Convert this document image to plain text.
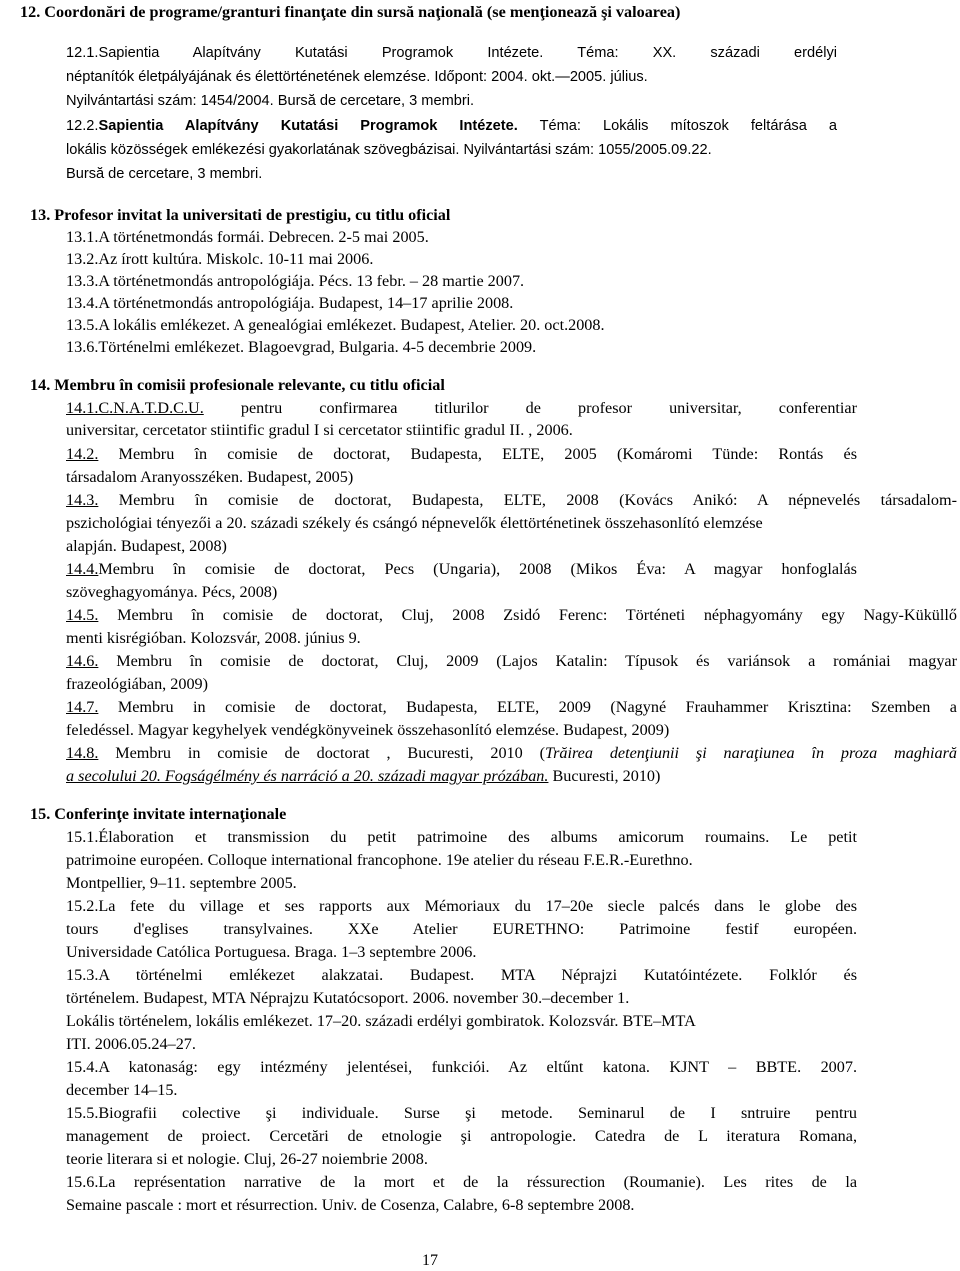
12. Coordonări de programe/granturi finanţate din sursă naţională (se menţionează şi valoarea)
12.1.Sapientia Alapítvány Kutatási Programok Intézete. Téma: XX. századi erdélyi
néptanítók életpályájának és élettörténetének elemzése. Időpont: 2004. okt.—2005. július.
Nyilvántartási szám: 1454/2004. Bursă de cercetare, 3 membri.
12.2.Sapientia Alapítvány Kutatási Programok Intézete. Téma: Lokális mítoszok feltárása a
lokális közösségek emlékezési gyakorlatának szövegbázisai. Nyilvántartási szám: 1055/2005.09.22.
Bursă de cercetare, 3 membri.
13. Profesor invitat la universitati de prestigiu, cu titlu oficial
13.1.A történetmondás formái. Debrecen. 2-5 mai 2005.
13.2.Az írott kultúra. Miskolc. 10-11 mai 2006.
13.3.A történetmondás antropológiája. Pécs. 13 febr. – 28 martie 2007.
13.4.A történetmondás antropológiája. Budapest, 14–17 aprilie 2008.
13.5.A lokális emlékezet. A genealógiai emlékezet. Budapest, Atelier. 20. oct.2008.
13.6.Történelmi emlékezet. Blagoevgrad, Bulgaria. 4-5 decembrie 2009.
14. Membru în comisii profesionale relevante, cu titlu oficial
14.1.C.N.A.T.D.C.U. pentru confirmarea titlurilor de profesor universitar, conferentiar
universitar, cercetator stiintific gradul I si cercetator stiintific gradul II. , 2006.
14.2. Membru în comisie de doctorat, Budapesta, ELTE, 2005 (Komáromi Tünde: Rontás és
társadalom Aranyosszéken. Budapest, 2005)
14.3. Membru în comisie de doctorat, Budapesta, ELTE, 2008 (Kovács Anikó: A népnevelés társadalom-
pszichológiai tényezői a 20. századi székely és csángó népnevelők élettörténetinek összehasonlító elemzése
alapján. Budapest, 2008)
14.4.Membru în comisie de doctorat, Pecs (Ungaria), 2008 (Mikos Éva: A magyar honfoglalás
szöveghagyománya. Pécs, 2008)
14.5. Membru în comisie de doctorat, Cluj, 2008 Zsidó Ferenc: Történeti néphagyomány egy Nagy-Küküllő
menti kisrégióban. Kolozsvár, 2008. június 9.
14.6. Membru în comisie de doctorat, Cluj, 2009 (Lajos Katalin: Típusok és variánsok a romániai magyar
frazeológiában, 2009)
14.7. Membru in comisie de doctorat, Budapesta, ELTE, 2009 (Nagyné Frauhammer Krisztina: Szemben a
feledéssel. Magyar kegyhelyek vendégkönyveinek összehasonlító elemzése. Budapest, 2009)
14.8. Membru in comisie de doctorat , Bucuresti, 2010 (Trăirea detenţiunii şi naraţiunea în proza maghiară
a secolului 20. Fogságélmény és narráció a 20. századi magyar prózában. Bucuresti, 2010)
15. Conferinţe invitate internaţionale
15.1.Élaboration et transmission du petit patrimoine des albums amicorum roumains. Le petit
patrimoine européen. Colloque international francophone. 19e atelier du réseau F.E.R.-Eurethno.
Montpellier, 9–11. septembre 2005.
15.2.La fete du village et ses rapports aux Mémoriaux du 17–20e siecle palcés dans le globe des
tours d'eglises transylvaines. XXe Atelier EURETHNO: Patrimoine festif européen.
Universidade Católica Portuguesa. Braga. 1–3 septembre 2006.
15.3.A történelmi emlékezet alakzatai. Budapest. MTA Néprajzi Kutatóintézete. Folklór és
történelem. Budapest, MTA Néprajzu Kutatócsoport. 2006. november 30.–december 1.
Lokális történelem, lokális emlékezet. 17–20. századi erdélyi gombiratok. Kolozsvár. BTE–MTA
ITI. 2006.05.24–27.
15.4.A katonaság: egy intézmény jelentései, funkciói. Az eltűnt katona. KJNT – BBTE. 2007.
december 14–15.
15.5.Biografii colective şi individuale. Surse şi metode. Seminarul de I sntruire pentru
management de proiect. Cercetări de etnologie şi antropologie. Catedra de L iteratura Romana,
teorie literara si et nologie. Cluj, 26-27 noiembrie 2008.
15.6.La représentation narrative de la mort et de la réssurection (Roumanie). Les rites de la
Semaine pascale : mort et résurrection. Univ. de Cosenza, Calabre, 6-8 septembre 2008.
17
